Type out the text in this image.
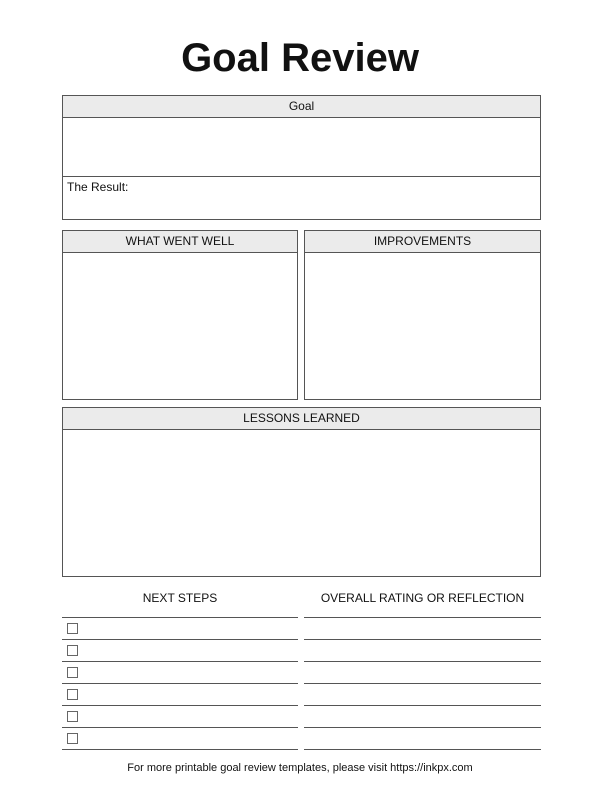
Goal Review
Goal
The Result:
WHAT WENT WELL	IMPROVEMENTS
LESSONS LEARNED
NEXT STEPS	OVERALL RATING OR REFLECTION
For more printable goal review templates, please visit https://inkpx.com
